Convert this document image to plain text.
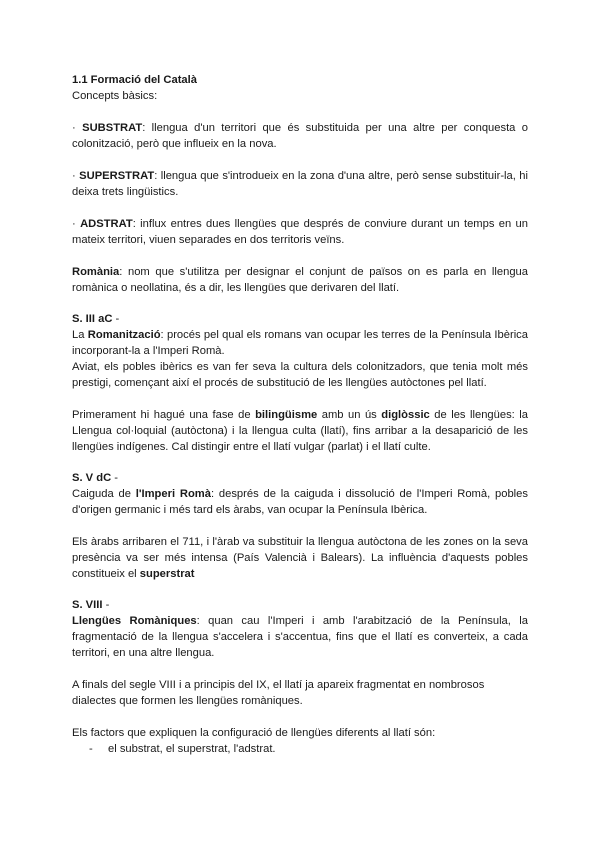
1.1 Formació del Català

Concepts bàsics:

· SUBSTRAT: llengua d'un territori que és substituida per una altre per conquesta o colonització, però que influeix en la nova.

· SUPERSTRAT: llengua que s'introdueix en la zona d'una altre, però sense substituir-la, hi deixa trets lingüistics.

· ADSTRAT: influx entres dues llengües que després de conviure durant un temps en un mateix territori, viuen separades en dos territoris veïns.

Romània: nom que s'utilitza per designar el conjunt de països on es parla en llengua romànica o neollatina, és a dir, les llengües que derivaren del llatí.

S. III aC -

La Romanització: procés pel qual els romans van ocupar les terres de la Península Ibèrica incorporant-la a l'Imperi Romà.

Aviat, els pobles ibèrics es van fer seva la cultura dels colonitzadors, que tenia molt més prestigi, començant així el procés de substitució de les llengües autòctones pel llatí.

Primerament hi hagué una fase de bilingüisme amb un ús diglòssic de les llengües: la Llengua col·loquial (autòctona) i la llengua culta (llatí), fins arribar a la desaparició de les llengües indígenes. Cal distingir entre el llatí vulgar (parlat) i el llatí culte.

S. V dC -

Caiguda de l'Imperi Romà: després de la caiguda i dissolució de l'Imperi Romà, pobles d'origen germanic i més tard els àrabs, van ocupar la Península Ibèrica.

Els àrabs arribaren el 711, i l'àrab va substituir la llengua autòctona de les zones on la seva presència va ser més intensa (País Valencià i Balears). La influència d'aquests pobles constitueix el superstrat

S. VIII -

Llengües Romàniques: quan cau l'Imperi i amb l'arabització de la Península, la fragmentació de la llengua s'accelera i s'accentua, fins que el llatí es converteix, a cada territori, en una altre llengua.

A finals del segle VIII i a principis del IX, el llatí ja apareix fragmentat en nombrosos dialectes que formen les llengües romàniques.

Els factors que expliquen la configuració de llengües diferents al llatí són:

- el substrat, el superstrat, l'adstrat.
